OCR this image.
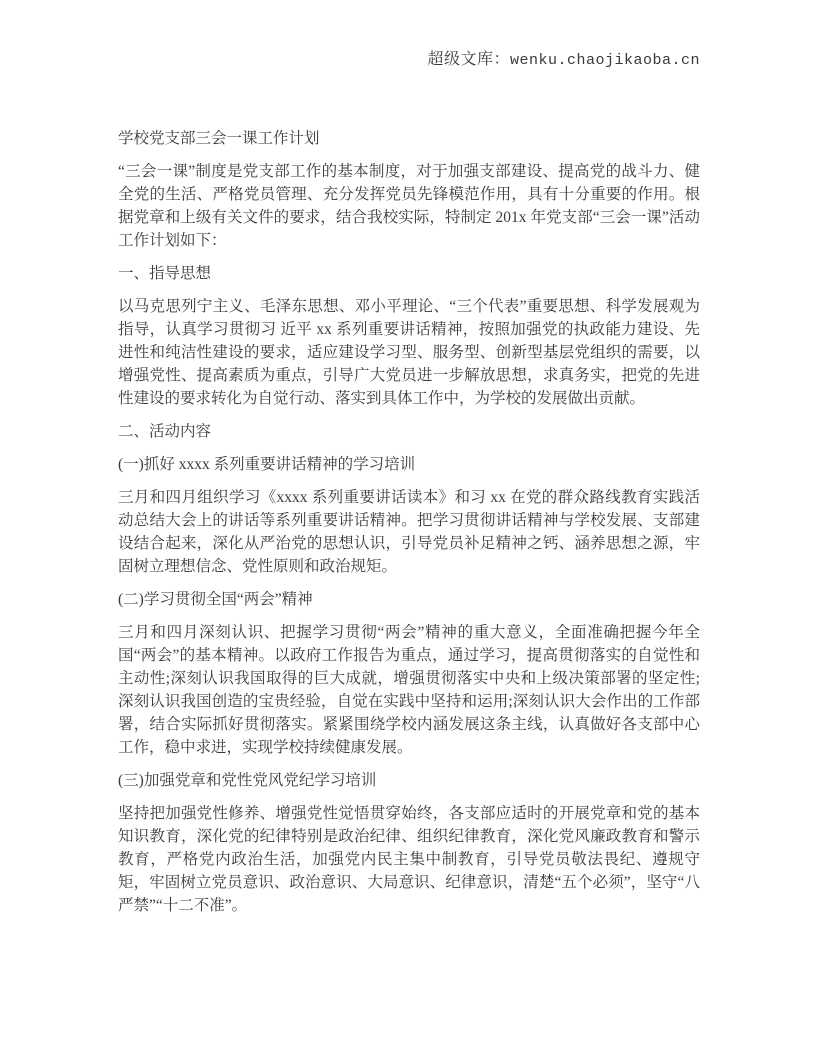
超级文库：wenku.chaojikaoba.cn

学校党支部三会一课工作计划

“三会一课”制度是党支部工作的基本制度，对于加强支部建设、提高党的战斗力、健全党的生活、严格党员管理、充分发挥党员先锋模范作用，具有十分重要的作用。根据党章和上级有关文件的要求，结合我校实际，特制定 201x 年党支部“三会一课”活动工作计划如下：

一、指导思想

以马克思列宁主义、毛泽东思想、邓小平理论、“三个代表”重要思想、科学发展观为指导，认真学习贯彻习 近平 xx 系列重要讲话精神，按照加强党的执政能力建设、先进性和纯洁性建设的要求，适应建设学习型、服务型、创新型基层党组织的需要，以增强党性、提高素质为重点，引导广大党员进一步解放思想，求真务实，把党的先进性建设的要求转化为自觉行动、落实到具体工作中，为学校的发展做出贡献。

二、活动内容

(一)抓好 xxxx 系列重要讲话精神的学习培训

三月和四月组织学习《xxxx 系列重要讲话读本》和习 xx 在党的群众路线教育实践活动总结大会上的讲话等系列重要讲话精神。把学习贯彻讲话精神与学校发展、支部建设结合起来，深化从严治党的思想认识，引导党员补足精神之钙、涵养思想之源，牢固树立理想信念、党性原则和政治规矩。

(二)学习贯彻全国“两会”精神

三月和四月深刻认识、把握学习贯彻“两会”精神的重大意义，全面准确把握今年全国“两会”的基本精神。以政府工作报告为重点，通过学习，提高贯彻落实的自觉性和主动性;深刻认识我国取得的巨大成就，增强贯彻落实中央和上级决策部署的坚定性;深刻认识我国创造的宝贵经验，自觉在实践中坚持和运用;深刻认识大会作出的工作部署，结合实际抓好贯彻落实。紧紧围绕学校内涵发展这条主线，认真做好各支部中心工作，稳中求进，实现学校持续健康发展。

(三)加强党章和党性党风党纪学习培训

坚持把加强党性修养、增强党性觉悟贯穿始终，各支部应适时的开展党章和党的基本知识教育，深化党的纪律特别是政治纪律、组织纪律教育，深化党风廉政教育和警示教育，严格党内政治生活，加强党内民主集中制教育，引导党员敬法畏纪、遵规守矩，牢固树立党员意识、政治意识、大局意识、纪律意识，清楚“五个必须”，坚守“八严禁”“十二不准”。
